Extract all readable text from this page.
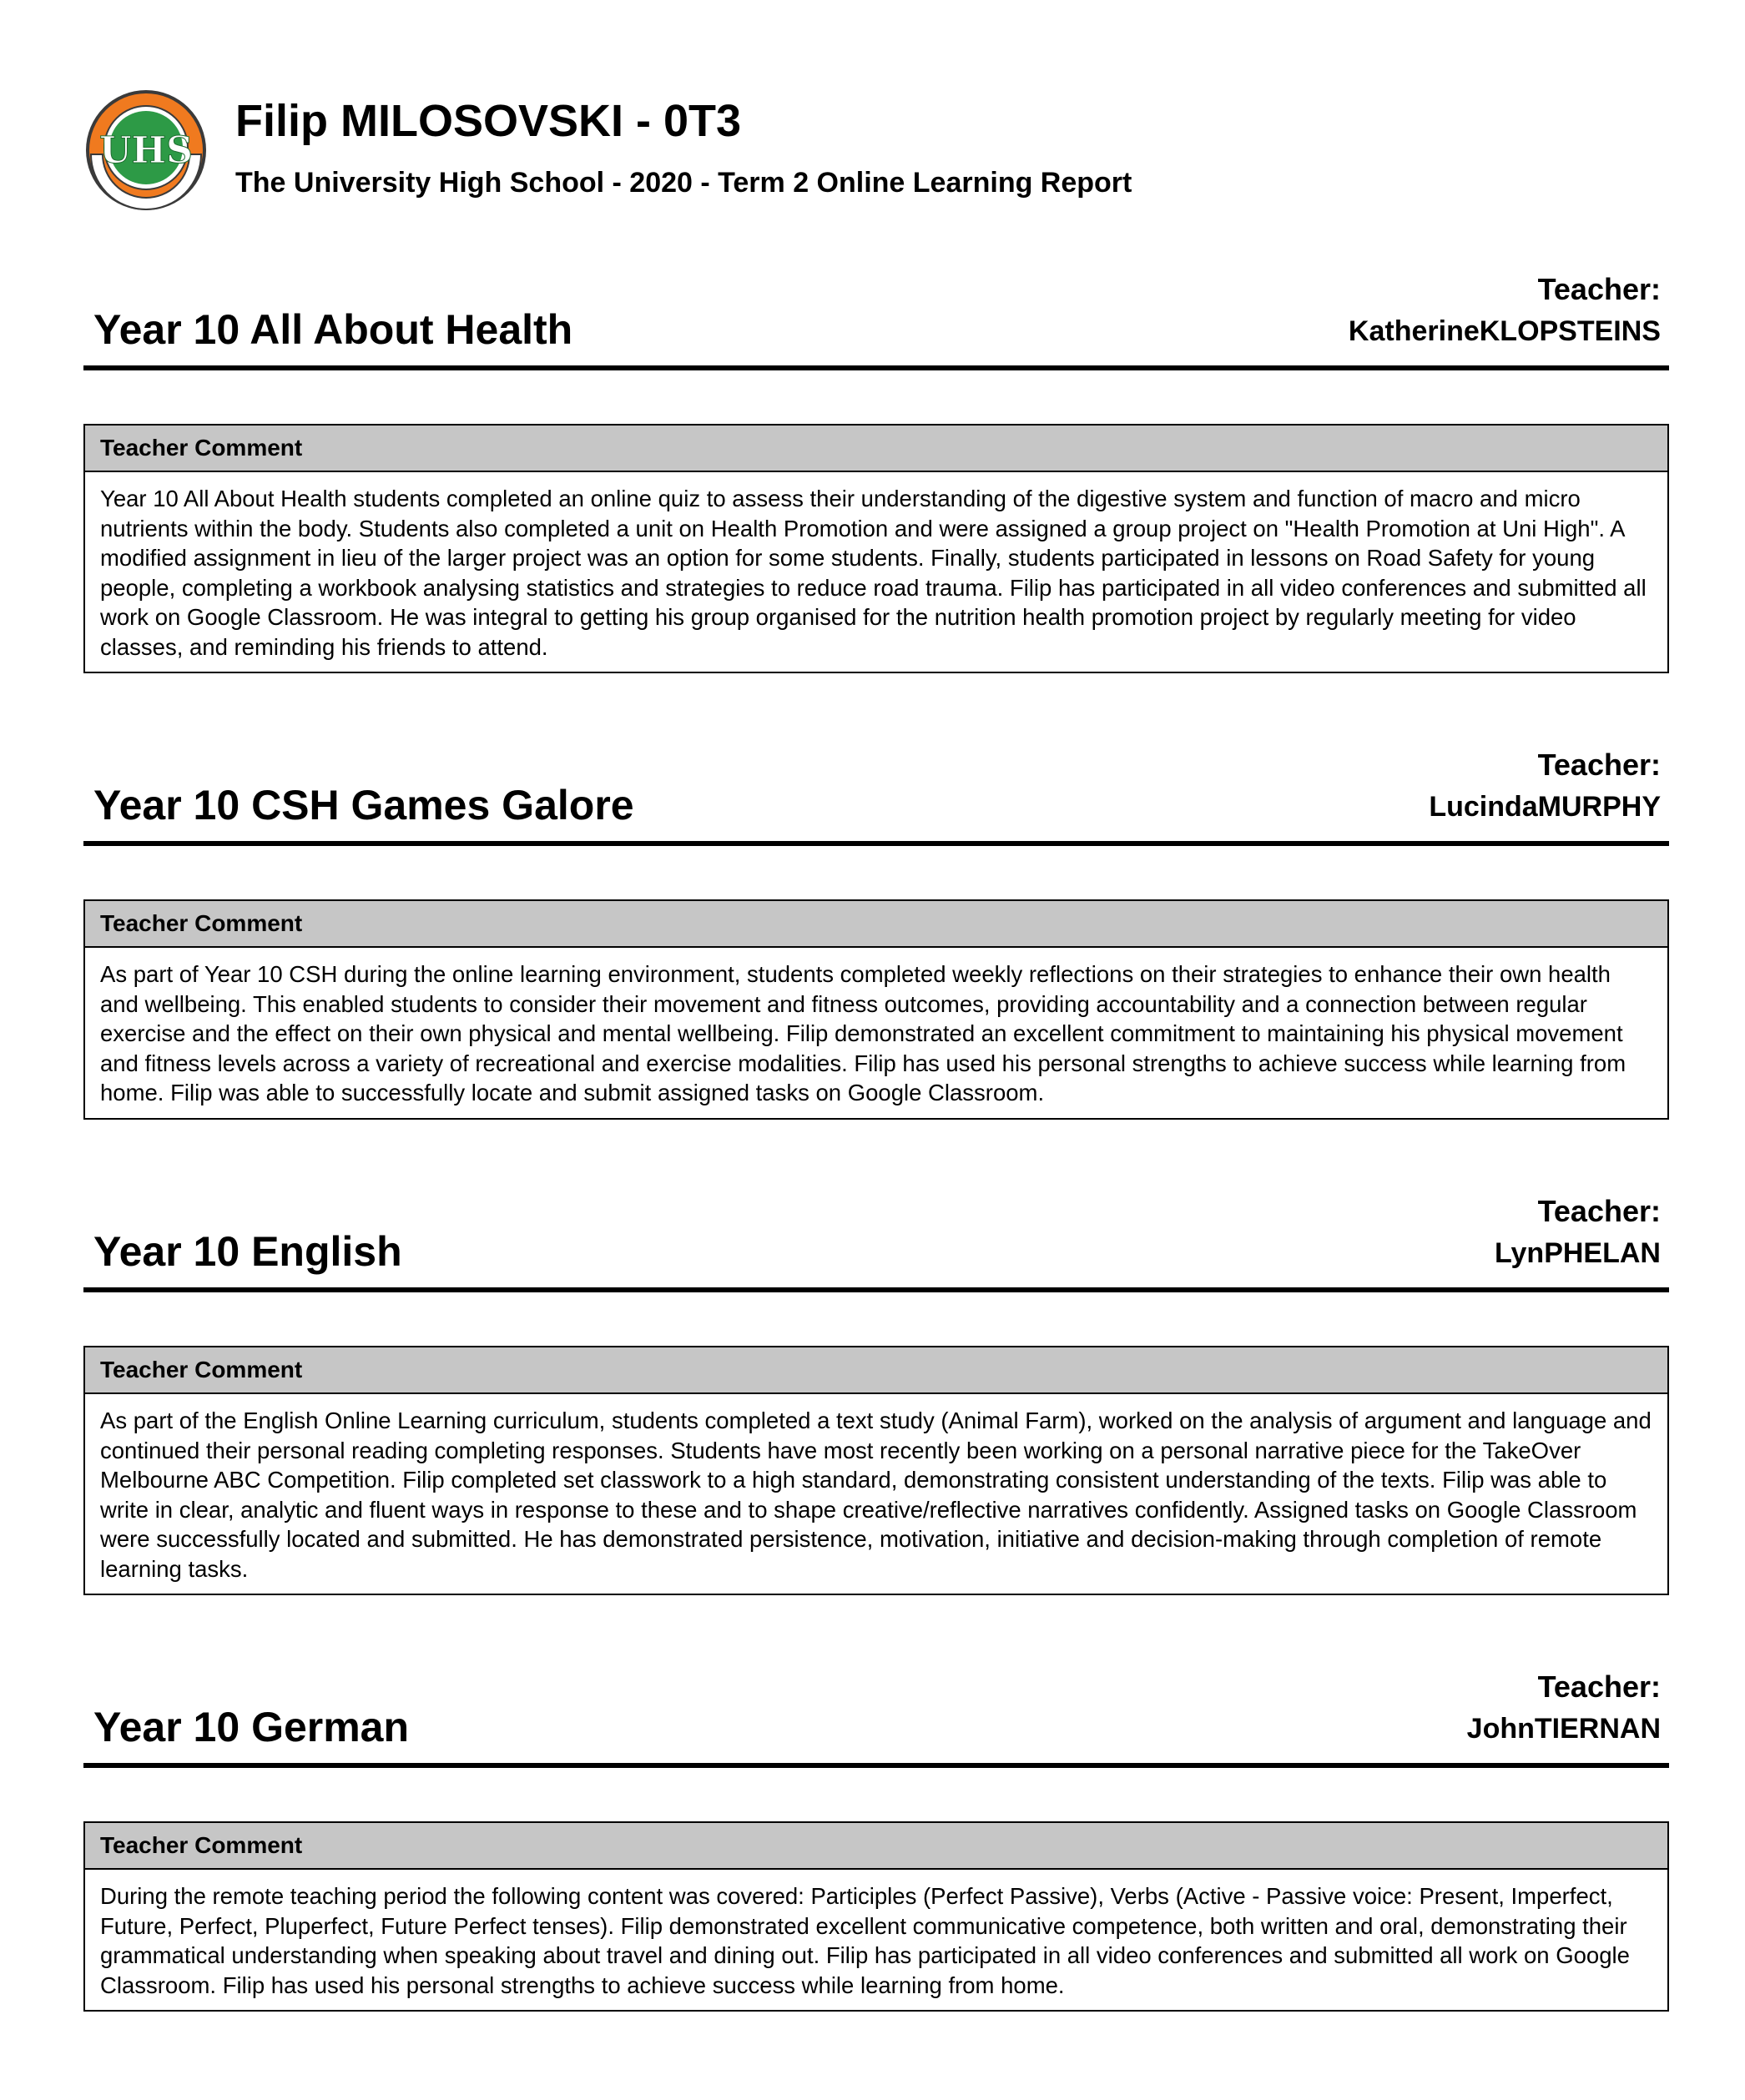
UHS
Filip MILOSOVSKI - 0T3
The University High School - 2020 - Term 2 Online Learning Report
Year 10 All About Health
Teacher:
KatherineKLOPSTEINS
Teacher Comment
Year 10 All About Health students completed an online quiz to assess their understanding of the digestive system and function of macro and micro nutrients within the body. Students also completed a unit on Health Promotion and were assigned a group project on "Health Promotion at Uni High". A modified assignment in lieu of the larger project was an option for some students. Finally, students participated in lessons on Road Safety for young people, completing a workbook analysing statistics and strategies to reduce road trauma. Filip has participated in all video conferences and submitted all work on Google Classroom. He was integral to getting his group organised for the nutrition health promotion project by regularly meeting for video classes, and reminding his friends to attend.
Year 10 CSH Games Galore
Teacher:
LucindaMURPHY
Teacher Comment
As part of Year 10 CSH during the online learning environment, students completed weekly reflections on their strategies to enhance their own health and wellbeing. This enabled students to consider their movement and fitness outcomes, providing accountability and a connection between regular exercise and the effect on their own physical and mental wellbeing. Filip demonstrated an excellent commitment to maintaining his physical movement and fitness levels across a variety of recreational and exercise modalities. Filip has used his personal strengths to achieve success while learning from home. Filip was able to successfully locate and submit assigned tasks on Google Classroom.
Year 10 English
Teacher:
LynPHELAN
Teacher Comment
As part of the English Online Learning curriculum, students completed a text study (Animal Farm), worked on the analysis of argument and language and continued their personal reading completing responses. Students have most recently been working on a personal narrative piece for the TakeOver Melbourne ABC Competition. Filip completed set classwork to a high standard, demonstrating consistent understanding of the texts. Filip was able to write in clear, analytic and fluent ways in response to these and to shape creative/reflective narratives confidently. Assigned tasks on Google Classroom were successfully located and submitted. He has demonstrated persistence, motivation, initiative and decision-making through completion of remote learning tasks.
Year 10 German
Teacher:
JohnTIERNAN
Teacher Comment
During the remote teaching period the following content was covered: Participles (Perfect Passive), Verbs (Active - Passive voice: Present, Imperfect, Future, Perfect, Pluperfect, Future Perfect tenses). Filip demonstrated excellent communicative competence, both written and oral, demonstrating their grammatical understanding when speaking about travel and dining out. Filip has participated in all video conferences and submitted all work on Google Classroom. Filip has used his personal strengths to achieve success while learning from home.
